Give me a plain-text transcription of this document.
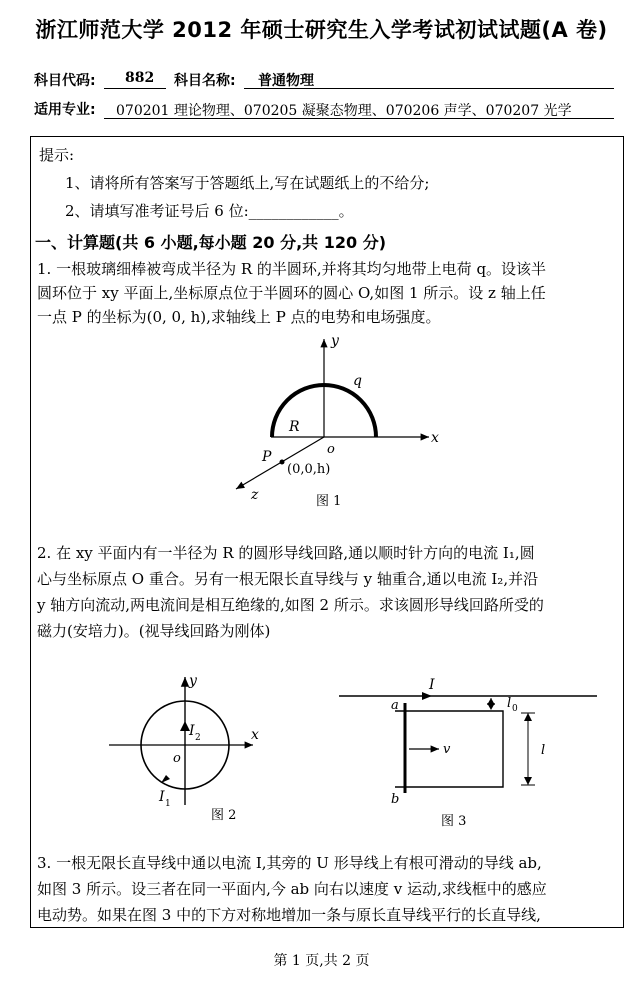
浙江师范大学 2012 年硕士研究生入学考试初试试题(A 卷)
科目代码: 882 科目名称: 普通物理
适用专业: 070201 理论物理、070205 凝聚态物理、070206 声学、070207 光学
提示:
1、请将所有答案写于答题纸上,写在试题纸上的不给分;
2、请填写准考证号后 6 位:____________。
一、计算题(共 6 小题,每小题 20 分,共 120 分)
1. 一根玻璃细棒被弯成半径为 R 的半圆环,并将其均匀地带上电荷 q。设该半
圆环位于 xy 平面上,坐标原点位于半圆环的圆心 O,如图 1 所示。设 z 轴上任
一点 P 的坐标为(0, 0, h),求轴线上 P 点的电势和电场强度。
y
x
z
q
R
o
P
(0,0,h)
图 1
2. 在 xy 平面内有一半径为 R 的圆形导线回路,通以顺时针方向的电流 I₁,圆
心与坐标原点 O 重合。另有一根无限长直导线与 y 轴重合,通以电流 I₂,并沿
y 轴方向流动,两电流间是相互绝缘的,如图 2 所示。求该圆形导线回路所受的
磁力(安培力)。(视导线回路为刚体)
y
x
o
I 2
I 1
图 2
I
l 0
l
a
b
v
图 3
3. 一根无限长直导线中通以电流 I,其旁的 U 形导线上有根可滑动的导线 ab,
如图 3 所示。设三者在同一平面内,今 ab 向右以速度 v 运动,求线框中的感应
电动势。如果在图 3 中的下方对称地增加一条与原长直导线平行的长直导线,
第 1 页,共 2 页
